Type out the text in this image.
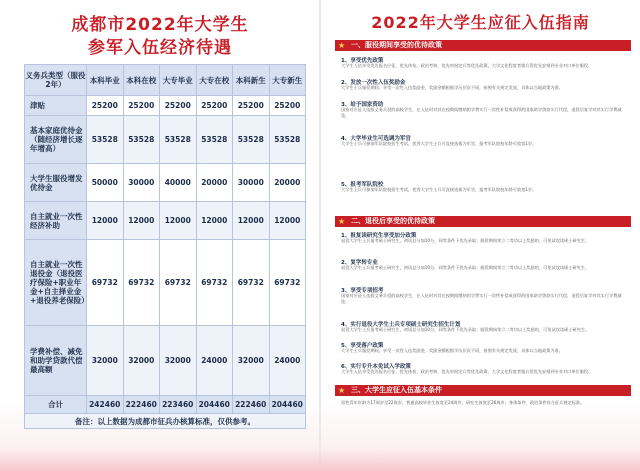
成都市2022年大学生
参军入伍经济待遇
义务兵类型（服役2年）	本科毕业	本科在校	大专毕业	大专在校	本科新生	大专新生
津贴	25200	25200	25200	25200	25200	25200
基本家庭优待金（随经济增长逐年增高）	53528	53528	53528	53528	53528	53528
大学生服役增发优待金	50000	30000	40000	20000	30000	20000
自主就业一次性经济补助	12000	12000	12000	12000	12000	12000
自主就业一次性退役金（退役医疗保险+职业年金+自主择业金+退役养老保险）	69732	69732	69732	69732	69732	69732
学费补偿、减免和助学贷款代偿最高额	32000	32000	32000	24000	32000	24000
合计	242460	222460	223460	204460	222460	204460
备注：以上数据为成都市征兵办核算标准，仅供参考。						
2022年大学生应征入伍指南
★ 一、服役期间享受的优待政策
1、享受优先政策
大学生入伍享受优先报名应征、优先体检、政治考核、优先审批定兵等优先政策。大学文化程度者服兵役优先安排到专业对口单位服役。
2、发放一次性入伍奖励金
大学生士兵服役期间，享受一次性入伍奖励金，奖励金额根据学历层次不同，按照有关规定发放，具体以当地政策为准。
3、给予国家资助
国家对应征入伍服义务兵役的高校学生，在入伍时对其在校期间缴纳的学费实行一次性补偿或获得的国家助学贷款实行代偿，退役后复学对其实行学费减免。
4、大学毕业生可选调为军官
大学生士兵可参加军队院校招生考试，优秀大学生士兵可直接选拔为军官，报考军队院校年龄可放宽1岁。
5、报考军队院校
大学生士兵可参加军队院校招生考试，优秀大学生士兵可直接选拔为军官，报考军队院校年龄可放宽1岁。
★ 二、退役后享受的优待政策
1、报复读研究生享受加分政策
退役大学生士兵报考硕士研究生，初试总分加10分，同等条件下优先录取；服役期间荣立二等功以上奖励的，可免试攻读硕士研究生。
2、复学转专业
退役大学生士兵报考硕士研究生，初试总分加10分，同等条件下优先录取；服役期间荣立二等功以上奖励的，可免试攻读硕士研究生。
3、享受专项招考
国家对应征入伍服义务兵役的高校学生，在入伍时对其在校期间缴纳的学费实行一次性补偿或获得的国家助学贷款实行代偿，退役后复学对其实行学费减免。
4、实行退役大学生士兵专项硕士研究生招生计划
退役大学生士兵报考硕士研究生，初试总分加10分，同等条件下优先录取；服役期间荣立二等功以上奖励的，可免试攻读硕士研究生。
5、享受落户政策
大学生士兵服役期间，享受一次性入伍奖励金，奖励金额根据学历层次不同，按照有关规定发放，具体以当地政策为准。
6、实行专升本免试入学政策
大学生入伍享受优先报名应征、优先体检、政治考核、优先审批定兵等优先政策。大学文化程度者服兵役优先安排到专业对口单位服役。
★ 三、大学生应征入伍基本条件
男性青年年龄为17周岁至22周岁，普通高校毕业生放宽至24周岁，研究生放宽至26周岁；身体条件、政治条件符合征兵规定标准。
